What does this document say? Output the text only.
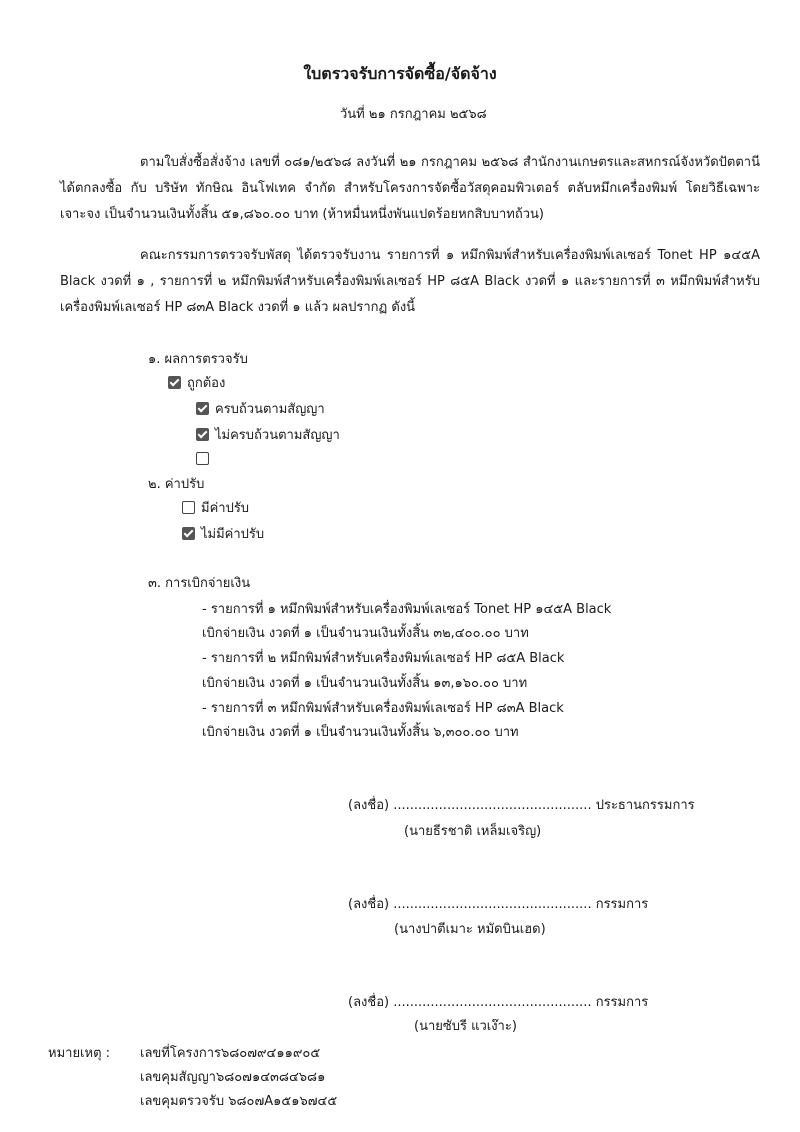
ใบตรวจรับการจัดซื้อ/จัดจ้าง
วันที่ ๒๑ กรกฎาคม ๒๕๖๘
ตามใบสั่งซื้อสั่งจ้าง เลขที่ ๐๘๑/๒๕๖๘ ลงวันที่ ๒๑ กรกฎาคม ๒๕๖๘ สำนักงานเกษตรและสหกรณ์จังหวัดปัตตานี ได้ตกลงซื้อ กับ บริษัท ทักษิณ อินโฟเทค จำกัด สำหรับโครงการจัดซื้อวัสดุคอมพิวเตอร์ ตลับหมึกเครื่องพิมพ์ โดยวิธีเฉพาะเจาะจง เป็นจำนวนเงินทั้งสิ้น ๕๑,๘๖๐.๐๐ บาท (ห้าหมื่นหนึ่งพันแปดร้อยหกสิบบาทถ้วน)
คณะกรรมการตรวจรับพัสดุ ได้ตรวจรับงาน รายการที่ ๑ หมึกพิมพ์สำหรับเครื่องพิมพ์เลเซอร์ Tonet HP ๑๔๕A Black งวดที่ ๑ , รายการที่ ๒ หมึกพิมพ์สำหรับเครื่องพิมพ์เลเซอร์ HP ๘๕A Black งวดที่ ๑ และรายการที่ ๓ หมึกพิมพ์สำหรับ เครื่องพิมพ์เลเซอร์ HP ๘๓A Black งวดที่ ๑ แล้ว ผลปรากฏ ดังนี้
๑. ผลการตรวจรับ
ถูกต้อง
ครบถ้วนตามสัญญา
ไม่ครบถ้วนตามสัญญา
๒. ค่าปรับ
มีค่าปรับ
ไม่มีค่าปรับ
๓. การเบิกจ่ายเงิน
- รายการที่ ๑ หมึกพิมพ์สำหรับเครื่องพิมพ์เลเซอร์ Tonet HP ๑๔๕A Black
เบิกจ่ายเงิน งวดที่ ๑ เป็นจำนวนเงินทั้งสิ้น ๓๒,๔๐๐.๐๐ บาท
- รายการที่ ๒ หมึกพิมพ์สำหรับเครื่องพิมพ์เลเซอร์ HP ๘๕A Black
เบิกจ่ายเงิน งวดที่ ๑ เป็นจำนวนเงินทั้งสิ้น ๑๓,๑๖๐.๐๐ บาท
- รายการที่ ๓ หมึกพิมพ์สำหรับเครื่องพิมพ์เลเซอร์ HP ๘๓A Black
เบิกจ่ายเงิน งวดที่ ๑ เป็นจำนวนเงินทั้งสิ้น ๖,๓๐๐.๐๐ บาท
(ลงชื่อ) ................................................ ประธานกรรมการ
(นายธีรชาติ เหล็มเจริญ)
(ลงชื่อ) ................................................ กรรมการ
(นางปาตีเมาะ หมัดบินเฮด)
(ลงชื่อ) ................................................ กรรมการ
(นายซับรี แวเง๊าะ)
หมายเหตุ : เลขที่โครงการ๖๘๐๗๙๔๑๑๙๐๕
เลขคุมสัญญา๖๘๐๗๑๔๓๘๔๖๘๑
เลขคุมตรวจรับ ๖๘๐๗A๑๕๑๖๗๔๕
